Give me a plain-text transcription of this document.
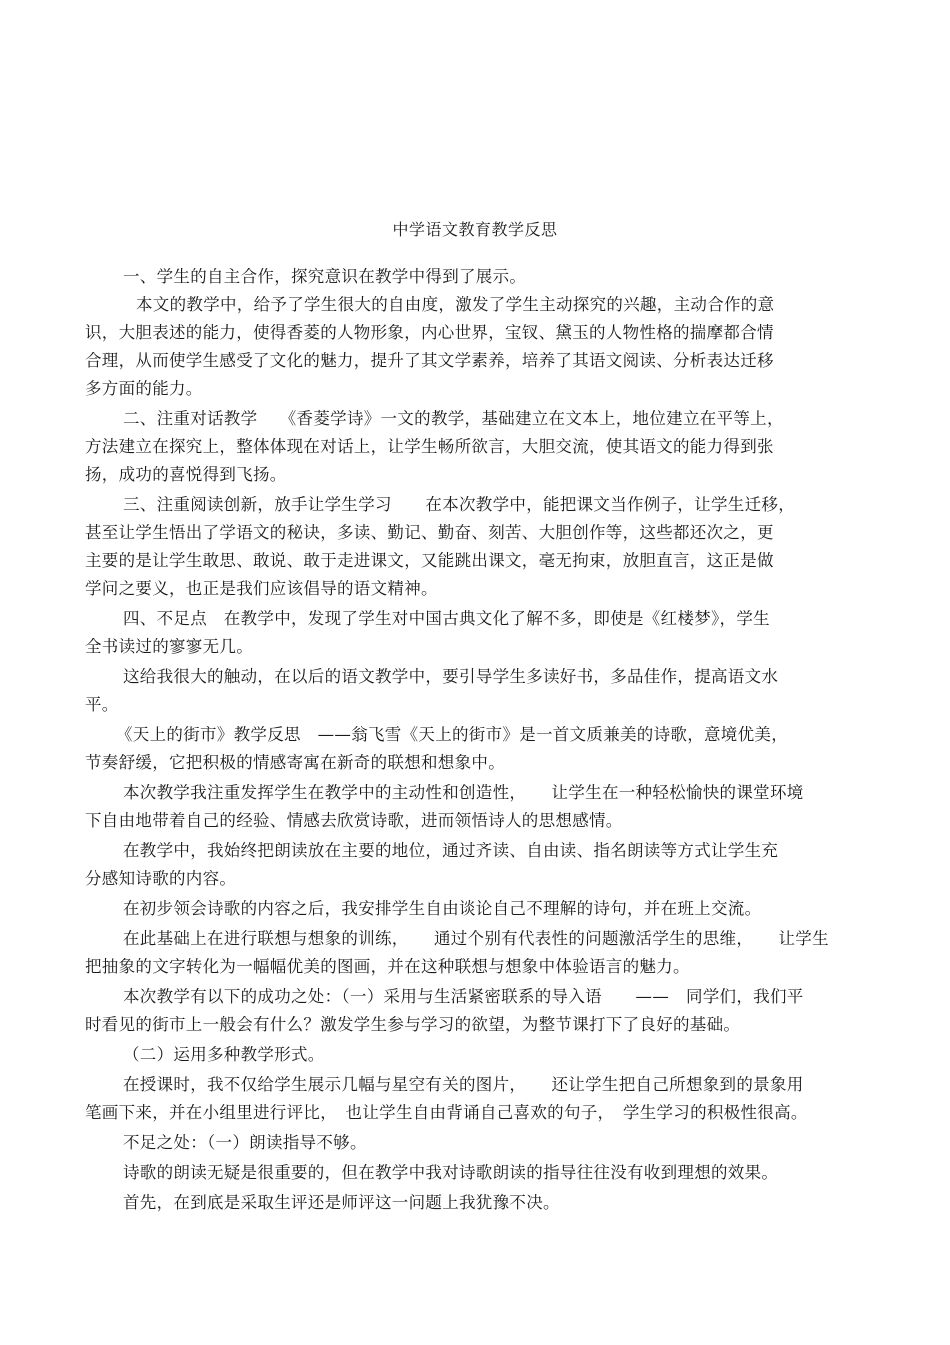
中学语文教育教学反思
一、学生的自主合作，探究意识在教学中得到了展示。
本文的教学中，给予了学生很大的自由度，激发了学生主动探究的兴趣，主动合作的意
识，大胆表述的能力，使得香菱的人物形象，内心世界，宝钗、黛玉的人物性格的揣摩都合情
合理，从而使学生感受了文化的魅力，提升了其文学素养，培养了其语文阅读、分析表达迁移
多方面的能力。
二、注重对话教学　 《香菱学诗》一文的教学，基础建立在文本上，地位建立在平等上，
方法建立在探究上，整体体现在对话上，让学生畅所欲言，大胆交流，使其语文的能力得到张
扬，成功的喜悦得到飞扬。
三、注重阅读创新，放手让学生学习　　在本次教学中，能把课文当作例子，让学生迁移，
甚至让学生悟出了学语文的秘诀，多读、勤记、勤奋、刻苦、大胆创作等，这些都还次之，更
主要的是让学生敢思、敢说、敢于走进课文，又能跳出课文，毫无拘束，放胆直言，这正是做
学问之要义，也正是我们应该倡导的语文精神。
四、不足点　在教学中，发现了学生对中国古典文化了解不多，即使是《红楼梦》，学生
全书读过的寥寥无几。
这给我很大的触动，在以后的语文教学中，要引导学生多读好书，多品佳作，提高语文水
平。
《天上的街市》教学反思　——翁飞雪《天上的街市》是一首文质兼美的诗歌，意境优美，
节奏舒缓，它把积极的情感寄寓在新奇的联想和想象中。
本次教学我注重发挥学生在教学中的主动性和创造性，　　让学生在一种轻松愉快的课堂环境
下自由地带着自己的经验、情感去欣赏诗歌，进而领悟诗人的思想感情。
在教学中，我始终把朗读放在主要的地位，通过齐读、自由读、指名朗读等方式让学生充
分感知诗歌的内容。
在初步领会诗歌的内容之后，我安排学生自由谈论自己不理解的诗句，并在班上交流。
在此基础上在进行联想与想象的训练，　　通过个别有代表性的问题激活学生的思维，　　让学生
把抽象的文字转化为一幅幅优美的图画，并在这种联想与想象中体验语言的魅力。
本次教学有以下的成功之处：（一）采用与生活紧密联系的导入语　　——　同学们，我们平
时看见的街市上一般会有什么？激发学生参与学习的欲望，为整节课打下了良好的基础。
（二）运用多种教学形式。
在授课时，我不仅给学生展示几幅与星空有关的图片，　　还让学生把自己所想象到的景象用
笔画下来，并在小组里进行评比，　也让学生自由背诵自己喜欢的句子，　学生学习的积极性很高。
不足之处：（一）朗读指导不够。
诗歌的朗读无疑是很重要的，但在教学中我对诗歌朗读的指导往往没有收到理想的效果。
首先，在到底是采取生评还是师评这一问题上我犹豫不决。
